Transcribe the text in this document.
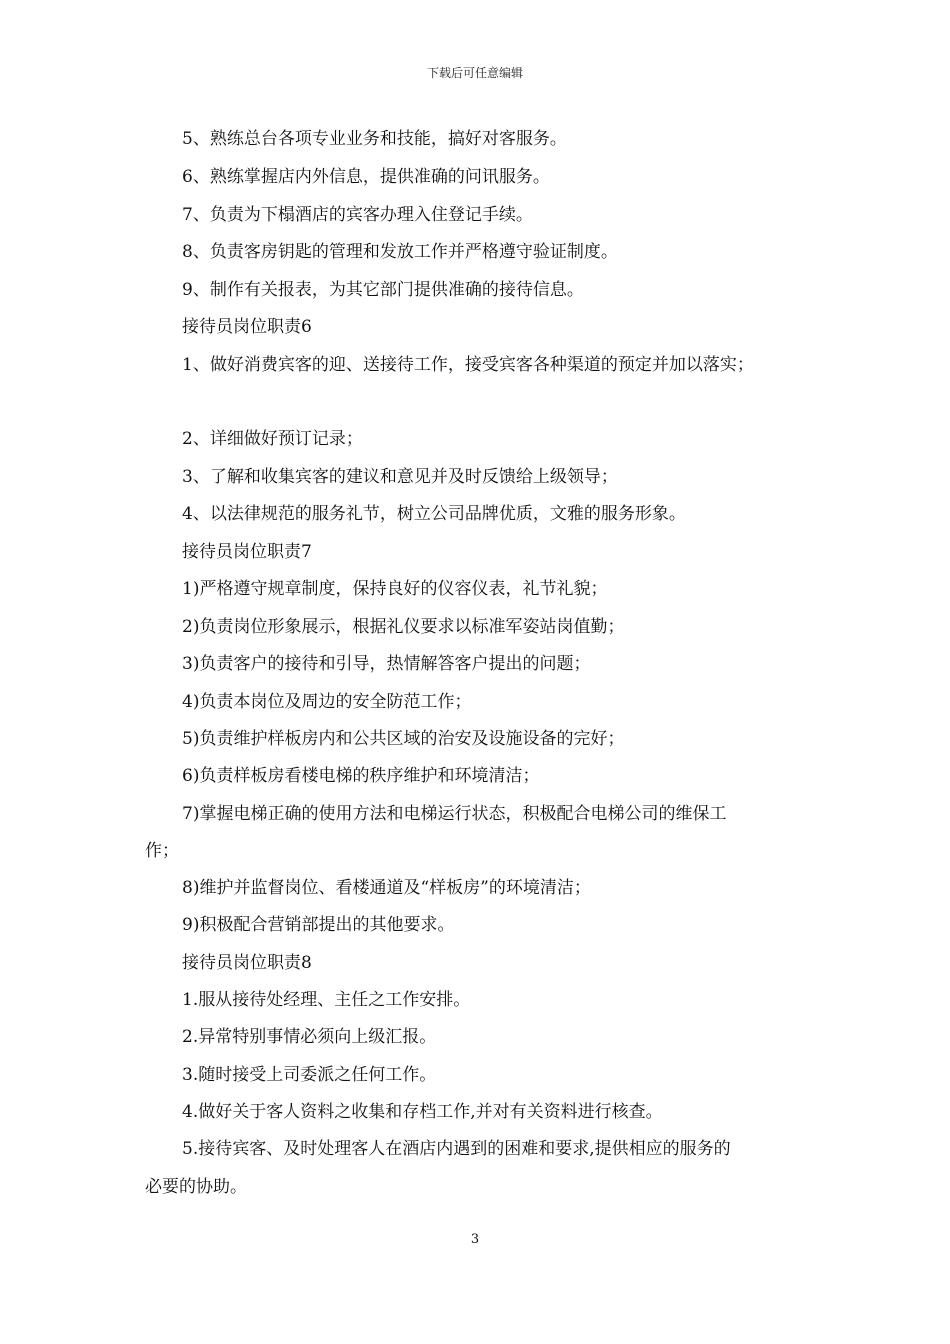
下载后可任意编辑
5、熟练总台各项专业业务和技能，搞好对客服务。
6、熟练掌握店内外信息，提供准确的问讯服务。
7、负责为下榻酒店的宾客办理入住登记手续。
8、负责客房钥匙的管理和发放工作并严格遵守验证制度。
9、制作有关报表，为其它部门提供准确的接待信息。
接待员岗位职责6
1、做好消费宾客的迎、送接待工作，接受宾客各种渠道的预定并加以落实；
2、详细做好预订记录；
3、了解和收集宾客的建议和意见并及时反馈给上级领导；
4、以法律规范的服务礼节，树立公司品牌优质，文雅的服务形象。
接待员岗位职责7
1)严格遵守规章制度，保持良好的仪容仪表，礼节礼貌；
2)负责岗位形象展示，根据礼仪要求以标准军姿站岗值勤；
3)负责客户的接待和引导，热情解答客户提出的问题；
4)负责本岗位及周边的安全防范工作；
5)负责维护样板房内和公共区域的治安及设施设备的完好；
6)负责样板房看楼电梯的秩序维护和环境清洁；
7)掌握电梯正确的使用方法和电梯运行状态，积极配合电梯公司的维保工
作；
8)维护并监督岗位、看楼通道及“样板房”的环境清洁；
9)积极配合营销部提出的其他要求。
接待员岗位职责8
1.服从接待处经理、主任之工作安排。
2.异常特别事情必须向上级汇报。
3.随时接受上司委派之任何工作。
4.做好关于客人资料之收集和存档工作,并对有关资料进行核查。
5.接待宾客、及时处理客人在酒店内遇到的困难和要求,提供相应的服务的
必要的协助。
3
